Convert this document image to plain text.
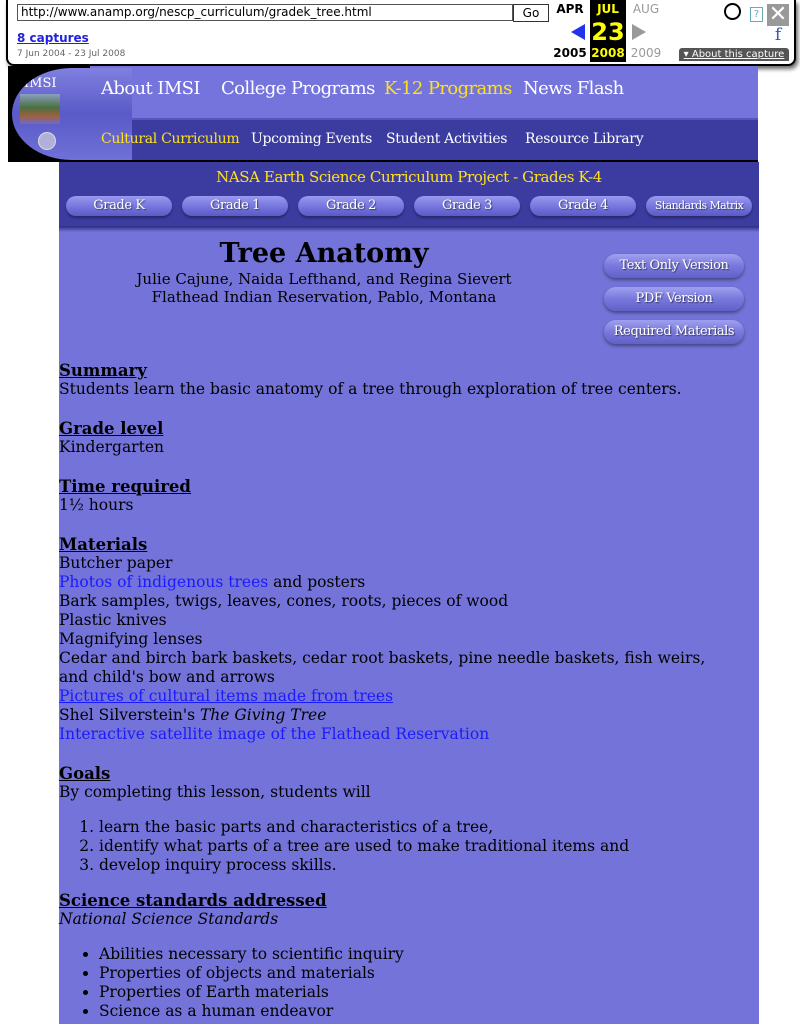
http://www.anamp.org/nescp_curriculum/gradek_tree.html	Go
8 captures
7 Jun 2004 - 23 Jul 2008
APR
2005
JUL
23
2008
AUG
2009
? ✕
f
▾ About this capture
IMSI About IMSI College Programs K-12 Programs News Flash
Cultural Curriculum Upcoming Events Student Activities Resource Library
NASA Earth Science Curriculum Project - Grades K-4
Grade K	Grade 1	Grade 2	Grade 3	Grade 4	Standards Matrix
Tree Anatomy
Julie Cajune, Naida Lefthand, and Regina Sievert
Flathead Indian Reservation, Pablo, Montana
Text Only Version
PDF Version
Required Materials
Summary
Students learn the basic anatomy of a tree through exploration of tree centers.
Grade level
Kindergarten
Time required
1½ hours
Materials
Butcher paper
Photos of indigenous trees and posters
Bark samples, twigs, leaves, cones, roots, pieces of wood
Plastic knives
Magnifying lenses
Cedar and birch bark baskets, cedar root baskets, pine needle baskets, fish weirs,
and child's bow and arrows
Pictures of cultural items made from trees
Shel Silverstein's The Giving Tree
Interactive satellite image of the Flathead Reservation
Goals
By completing this lesson, students will
1. learn the basic parts and characteristics of a tree,
2. identify what parts of a tree are used to make traditional items and
3. develop inquiry process skills.
Science standards addressed
National Science Standards
• Abilities necessary to scientific inquiry
• Properties of objects and materials
• Properties of Earth materials
• Science as a human endeavor
